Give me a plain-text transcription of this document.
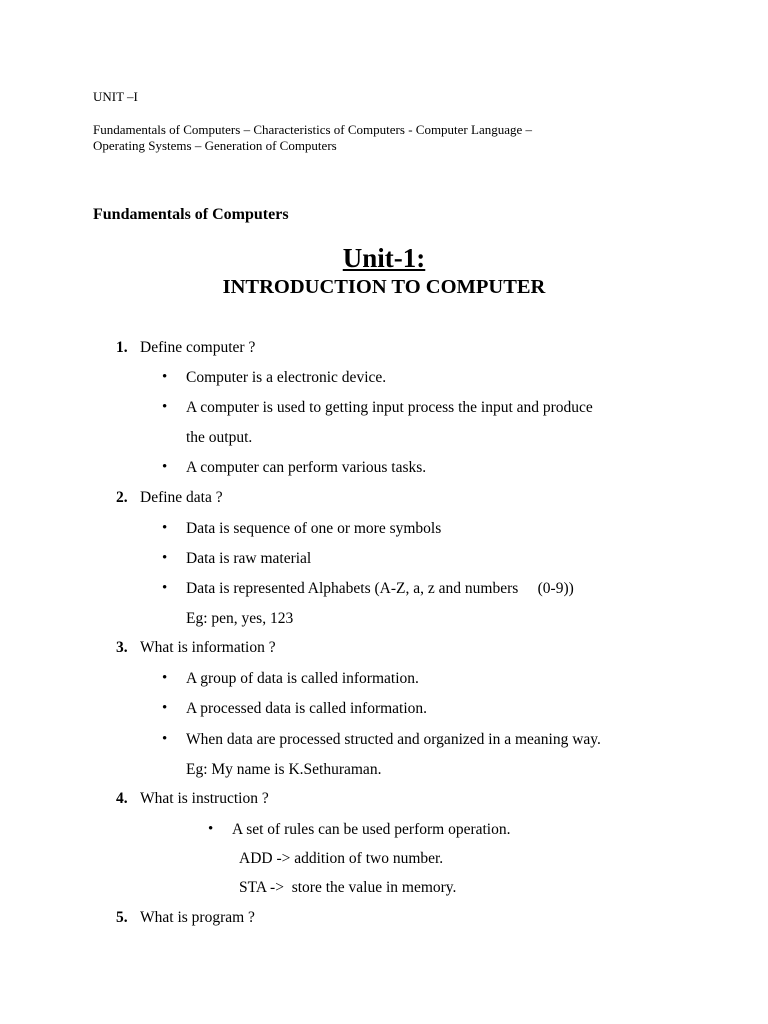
UNIT –I
Fundamentals of Computers – Characteristics of Computers - Computer Language –
Operating Systems – Generation of Computers
Fundamentals of Computers
Unit-1:
INTRODUCTION TO COMPUTER
1. Define computer ?
• Computer is a electronic device.
• A computer is used to getting input process the input and produce
the output.
• A computer can perform various tasks.
2. Define data ?
• Data is sequence of one or more symbols
• Data is raw material
• Data is represented Alphabets (A-Z, a, z and numbers     (0-9))
Eg: pen, yes, 123
3. What is information ?
• A group of data is called information.
• A processed data is called information.
• When data are processed structed and organized in a meaning way.
Eg: My name is K.Sethuraman.
4. What is instruction ?
• A set of rules can be used perform operation.
ADD -> addition of two number.
STA ->  store the value in memory.
5. What is program ?
